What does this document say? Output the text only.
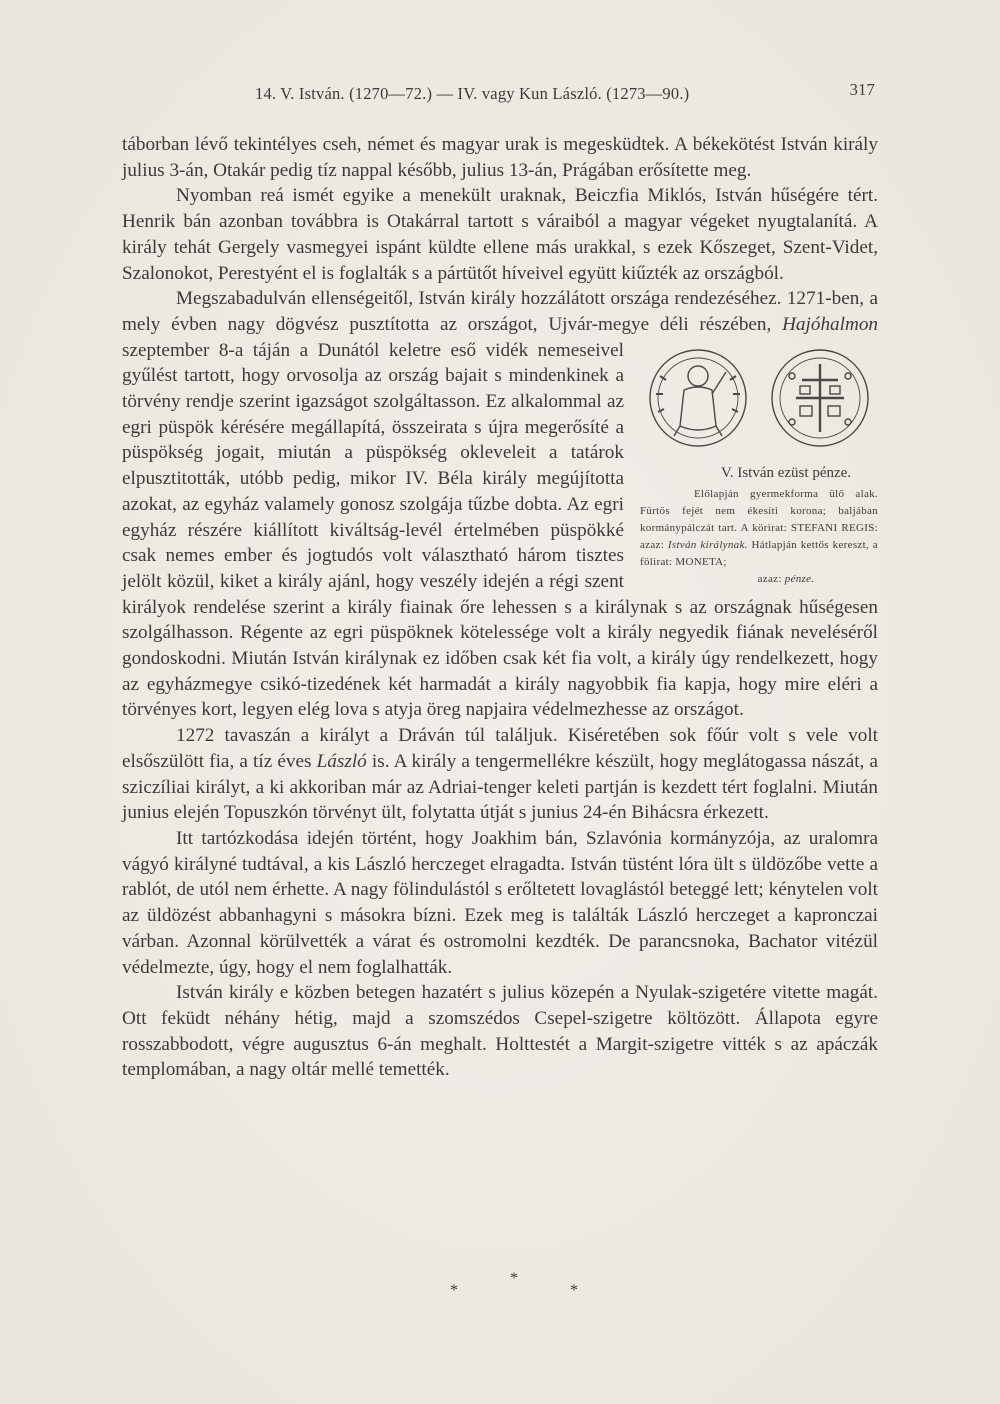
14. V. István. (1270—72.) — IV. vagy Kun László. (1273—90.)	317

táborban lévő tekintélyes cseh, német és magyar urak is megesküdtek. A békekötést István király julius 3-án, Otakár pedig tíz nappal később, julius 13-án, Prágában erősítette meg.

Nyomban reá ismét egyike a menekült uraknak, Beiczfia Miklós, István hűségére tért. Henrik bán azonban továbbra is Otakárral tartott s váraiból a magyar végeket nyugtalanítá. A király tehát Gergely vasmegyei ispánt küldte ellene más urakkal, s ezek Kőszeget, Szent-Videt, Szalonokot, Perestyént el is foglalták s a pártütőt híveivel együtt kiűzték az országból.

Megszabadulván ellenségeitől, István király hozzálátott országa rendezéséhez. 1271-ben, a mely évben nagy dögvész pusztította az országot, Ujvár-megye déli részében, Hajóhalmon
V. István ezüst pénze.
Előlapján gyermekforma ülő alak. Fürtös fejét nem ékesíti korona; baljában kormánypálczát tart. A körirat: STEFANI REGIS: azaz: István királynak. Hátlapján kettős kereszt, a fölirat: MONETA;
azaz: pénze.
szeptember 8-a táján a Dunától keletre eső vidék nemeseivel gyűlést tartott, hogy orvosolja az ország bajait s mindenkinek a törvény rendje szerint igazságot szolgáltasson. Ez alkalommal az egri püspök kérésére megállapítá, összeirata s újra megerősíté a püspökség jogait, miután a püspökség okleveleit a tatárok elpusztitották, utóbb pedig, mikor IV. Béla király megújította azokat, az egyház valamely gonosz szolgája tűzbe dobta. Az egri egyház részére kiállított kiváltság-levél értelmében püspökké csak nemes ember és jogtudós volt választható három tisztes jelölt közül, kiket a király ajánl, hogy veszély idején a régi szent királyok rendelése szerint a király fiainak őre lehessen s a királynak s az országnak hűségesen szolgálhasson. Régente az egri püspöknek kötelessége volt a király negyedik fiának neveléséről gondoskodni. Miután István királynak ez időben csak két fia volt, a király úgy rendelkezett, hogy az egyházmegye csikó-tizedének két harmadát a király nagyobbik fia kapja, hogy mire eléri a törvényes kort, legyen elég lova s atyja öreg napjaira védelmezhesse az országot.

1272 tavaszán a királyt a Dráván túl találjuk. Kiséretében sok főúr volt s vele volt elsőszülött fia, a tíz éves László is. A király a tengermellékre készült, hogy meglátogassa nászát, a sziczíliai királyt, a ki akkoriban már az Adriai-tenger keleti partján is kezdett tért foglalni. Miután junius elején Topuszkón törvényt ült, folytatta útját s junius 24-én Bihácsra érkezett.

Itt tartózkodása idején történt, hogy Joakhim bán, Szlavónia kormányzója, az uralomra vágyó királyné tudtával, a kis László herczeget elragadta. István tüstént lóra ült s üldözőbe vette a rablót, de utól nem érhette. A nagy fölindulástól s erőltetett lovaglástól beteggé lett; kénytelen volt az üldözést abbanhagyni s másokra bízni. Ezek meg is találták László herczeget a kapronczai várban. Azonnal körülvették a várat és ostromolni kezdték. De parancsnoka, Bachator vitézül védelmezte, úgy, hogy el nem foglalhatták.

István király e közben betegen hazatért s julius közepén a Nyulak-szigetére vitette magát. Ott feküdt néhány hétig, majd a szomszédos Csepel-szigetre költözött. Állapota egyre rosszabbodott, végre augusztus 6-án meghalt. Holttestét a Margit-szigetre vitték s az apáczák templomában, a nagy oltár mellé temették.

*
*
*
